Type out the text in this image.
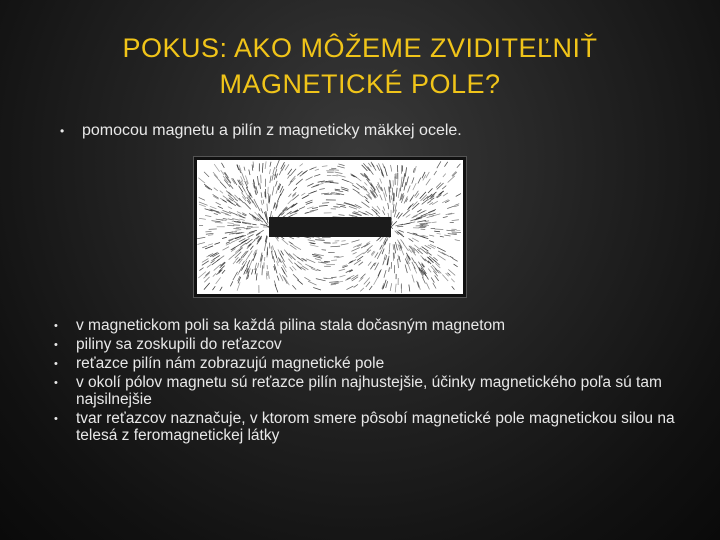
POKUS: AKO MÔŽEME ZVIDITEĽNIŤ MAGNETICKÉ POLE?
• pomocou magnetu a pilín z magneticky mäkkej ocele.
• v magnetickom poli sa každá pilina stala dočasným magnetom
• piliny sa zoskupili do reťazcov
• reťazce pilín nám zobrazujú magnetické pole
• v okolí pólov magnetu sú reťazce pilín najhustejšie, účinky magnetického poľa sú tam najsilnejšie
• tvar reťazcov naznačuje, v ktorom smere pôsobí magnetické pole magnetickou silou na telesá z feromagnetickej látky
